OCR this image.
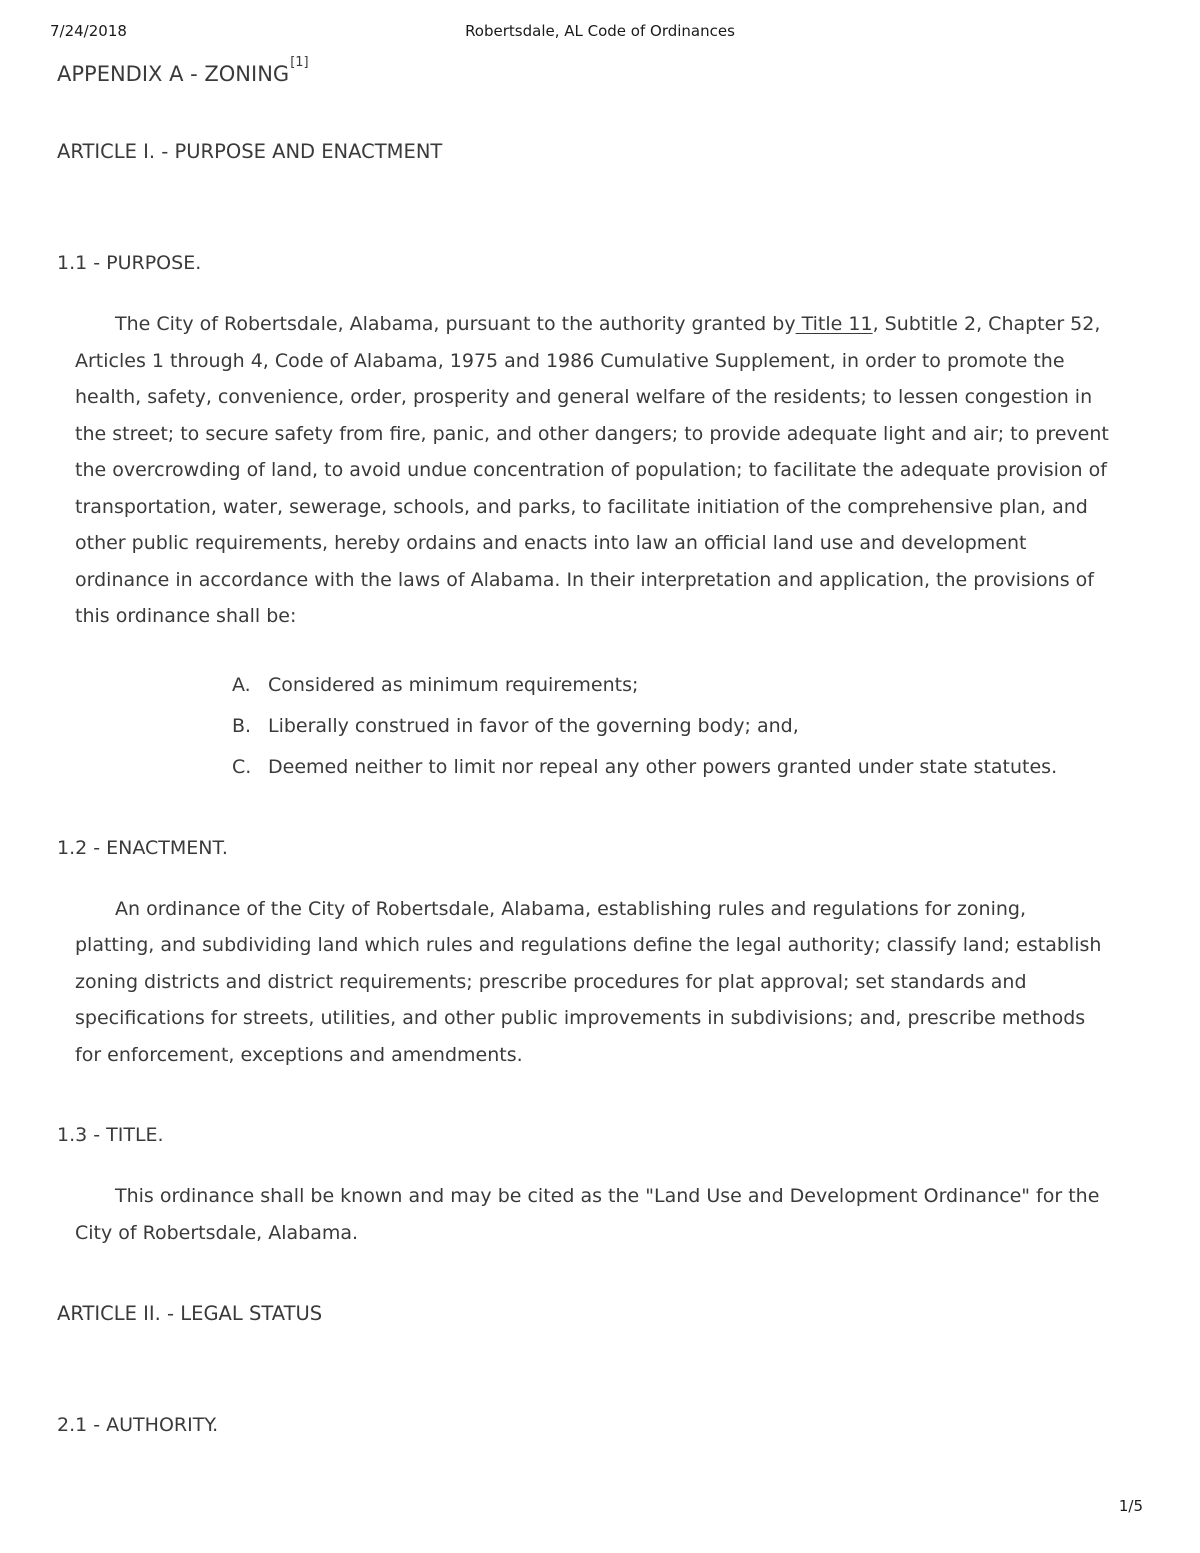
7/24/2018	Robertsdale, AL Code of Ordinances
APPENDIX A - ZONING[1]
ARTICLE I. - PURPOSE AND ENACTMENT
1.1 - PURPOSE.

The City of Robertsdale, Alabama, pursuant to the authority granted by Title 11, Subtitle 2, Chapter 52, Articles 1 through 4, Code of Alabama, 1975 and 1986 Cumulative Supplement, in order to promote the health, safety, convenience, order, prosperity and general welfare of the residents; to lessen congestion in the street; to secure safety from fire, panic, and other dangers; to provide adequate light and air; to prevent the overcrowding of land, to avoid undue concentration of population; to facilitate the adequate provision of transportation, water, sewerage, schools, and parks, to facilitate initiation of the comprehensive plan, and other public requirements, hereby ordains and enacts into law an official land use and development ordinance in accordance with the laws of Alabama. In their interpretation and application, the provisions of this ordinance shall be:

A. Considered as minimum requirements;
B. Liberally construed in favor of the governing body; and,
C. Deemed neither to limit nor repeal any other powers granted under state statutes.
1.2 - ENACTMENT.

An ordinance of the City of Robertsdale, Alabama, establishing rules and regulations for zoning, platting, and subdividing land which rules and regulations define the legal authority; classify land; establish zoning districts and district requirements; prescribe procedures for plat approval; set standards and specifications for streets, utilities, and other public improvements in subdivisions; and, prescribe methods for enforcement, exceptions and amendments.

1.3 - TITLE.

This ordinance shall be known and may be cited as the "Land Use and Development Ordinance" for the City of Robertsdale, Alabama.

ARTICLE II. - LEGAL STATUS
2.1 - AUTHORITY.
1/5
